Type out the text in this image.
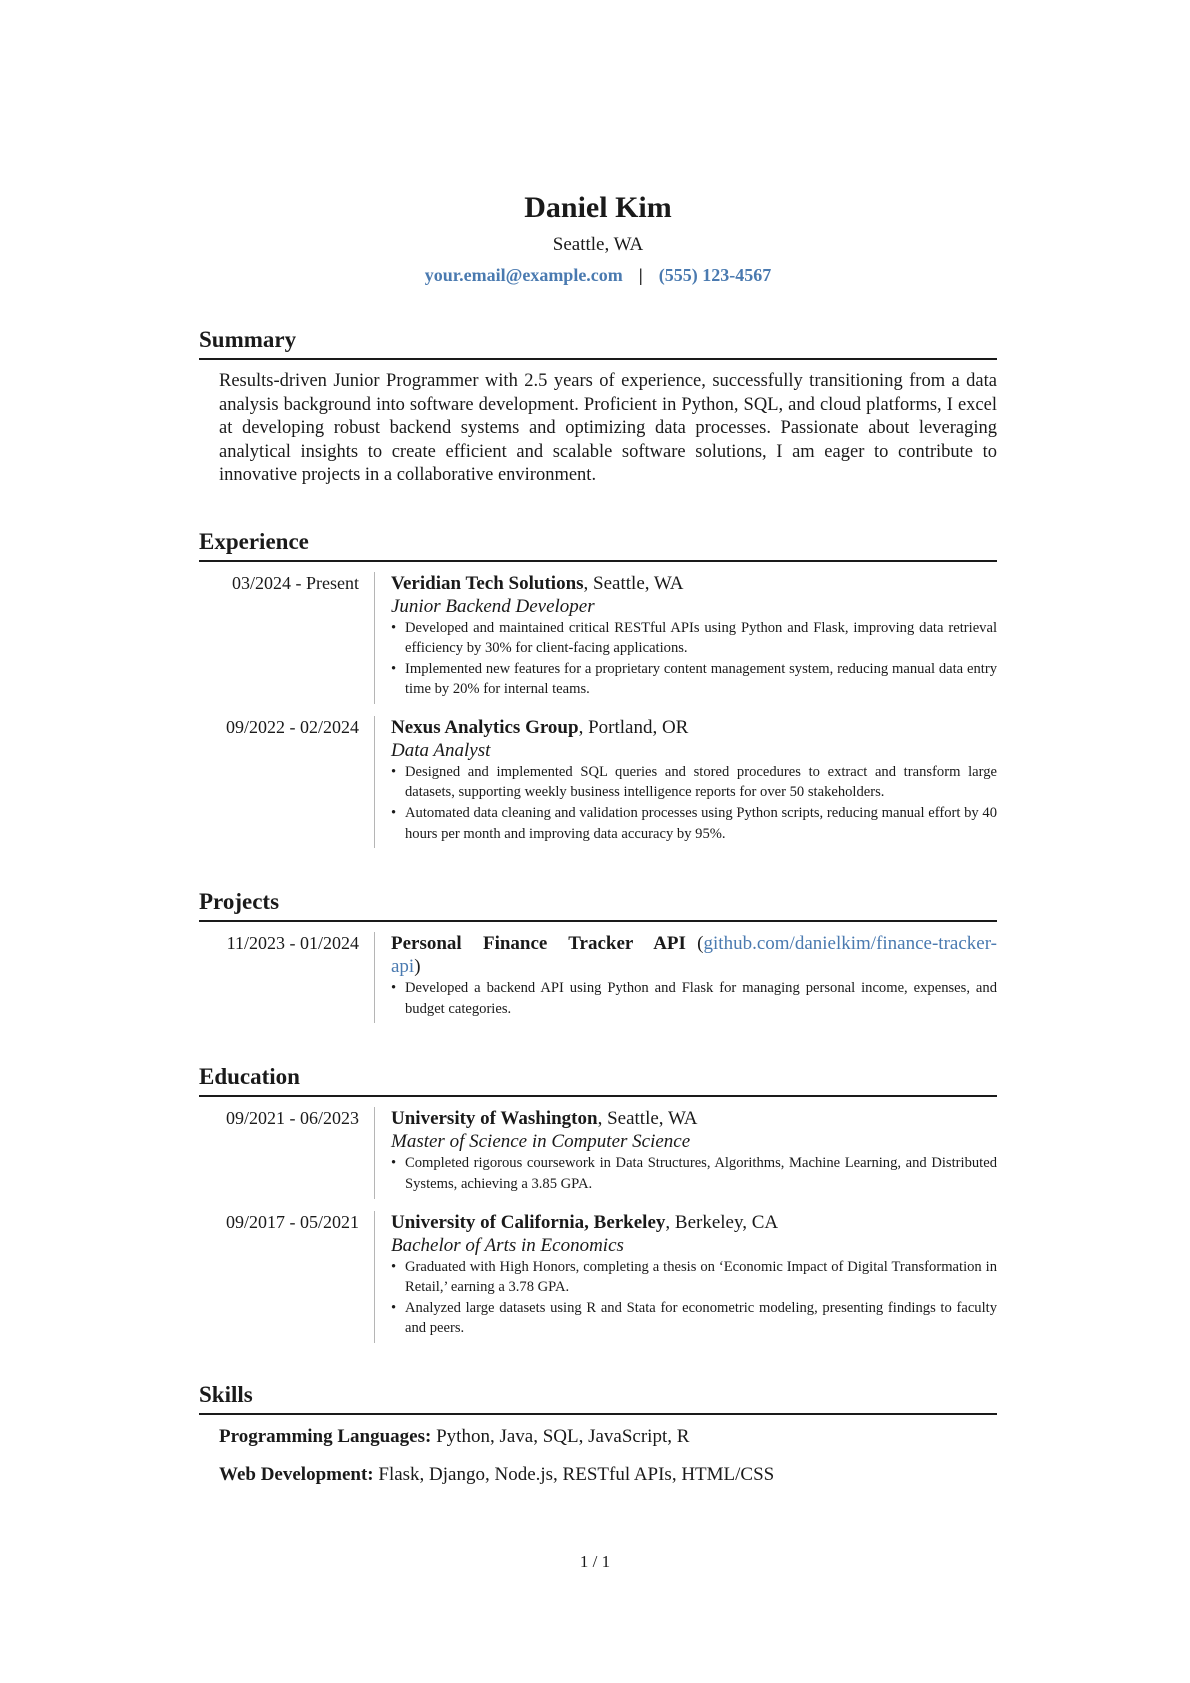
Daniel Kim
Seattle, WA
your.email@example.com | (555) 123-4567
Summary
Results-driven Junior Programmer with 2.5 years of experience, successfully transitioning from a data analysis background into software development. Proficient in Python, SQL, and cloud platforms, I excel at developing robust backend systems and optimizing data processes. Passionate about leveraging analytical insights to create efficient and scalable software solutions, I am eager to contribute to innovative projects in a collaborative environment.
Experience
03/2024 - Present	Veridian Tech Solutions, Seattle, WA
Junior Backend Developer
• Developed and maintained critical RESTful APIs using Python and Flask, improving data retrieval efficiency by 30% for client-facing applications.
• Implemented new features for a proprietary content management system, reducing manual data entry time by 20% for internal teams.
09/2022 - 02/2024	Nexus Analytics Group, Portland, OR
Data Analyst
• Designed and implemented SQL queries and stored procedures to extract and transform large datasets, supporting weekly business intelligence reports for over 50 stakeholders.
• Automated data cleaning and validation processes using Python scripts, reducing manual effort by 40 hours per month and improving data accuracy by 95%.
Projects
11/2023 - 01/2024	Personal Finance Tracker API (github.com/danielkim/finance-tracker-api)
• Developed a backend API using Python and Flask for managing personal income, expenses, and budget categories.
Education
09/2021 - 06/2023	University of Washington, Seattle, WA
Master of Science in Computer Science
• Completed rigorous coursework in Data Structures, Algorithms, Machine Learning, and Distributed Systems, achieving a 3.85 GPA.
09/2017 - 05/2021	University of California, Berkeley, Berkeley, CA
Bachelor of Arts in Economics
• Graduated with High Honors, completing a thesis on ‘Economic Impact of Digital Transformation in Retail,’ earning a 3.78 GPA.
• Analyzed large datasets using R and Stata for econometric modeling, presenting findings to faculty and peers.
Skills
Programming Languages: Python, Java, SQL, JavaScript, R
Web Development: Flask, Django, Node.js, RESTful APIs, HTML/CSS
1 / 1
